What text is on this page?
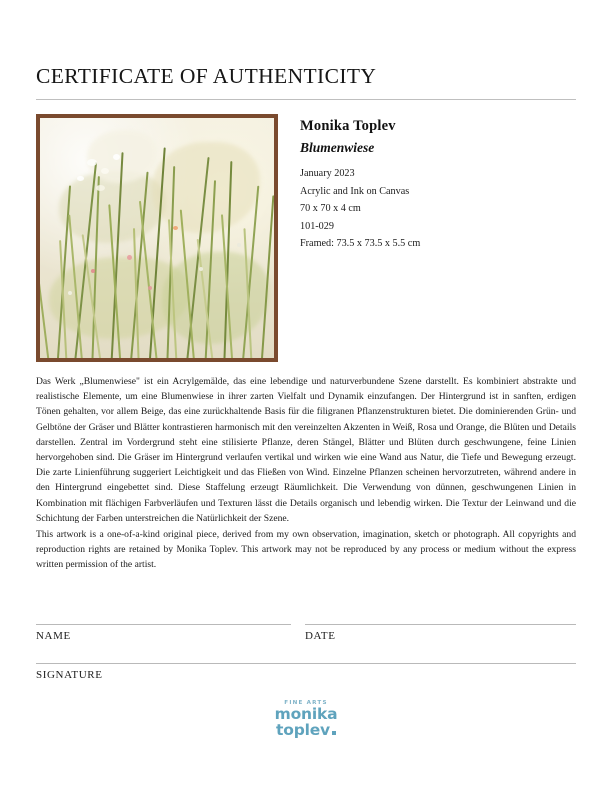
CERTIFICATE OF AUTHENTICITY
Monika Toplev
Blumenwiese
January 2023
Acrylic and Ink on Canvas
70 x 70 x 4 cm
101-029
Framed: 73.5 x 73.5 x 5.5 cm

Das Werk „Blumenwiese" ist ein Acrylgemälde, das eine lebendige und naturverbundene Szene darstellt. Es kombiniert abstrakte und realistische Elemente, um eine Blumenwiese in ihrer zarten Vielfalt und Dynamik einzufangen. Der Hintergrund ist in sanften, erdigen Tönen gehalten, vor allem Beige, das eine zurückhaltende Basis für die filigranen Pflanzenstrukturen bietet. Die dominierenden Grün- und Gelbtöne der Gräser und Blätter kontrastieren harmonisch mit den vereinzelten Akzenten in Weiß, Rosa und Orange, die Blüten und Details darstellen. Zentral im Vordergrund steht eine stilisierte Pflanze, deren Stängel, Blätter und Blüten durch geschwungene, feine Linien hervorgehoben sind. Die Gräser im Hintergrund verlaufen vertikal und wirken wie eine Wand aus Natur, die Tiefe und Bewegung erzeugt. Die zarte Linienführung suggeriert Leichtigkeit und das Fließen von Wind. Einzelne Pflanzen scheinen hervorzutreten, während andere in den Hintergrund eingebettet sind. Diese Staffelung erzeugt Räumlichkeit. Die Verwendung von dünnen, geschwungenen Linien in Kombination mit flächigen Farbverläufen und Texturen lässt die Details organisch und lebendig wirken. Die Textur der Leinwand und die Schichtung der Farben unterstreichen die Natürlichkeit der Szene.

This artwork is a one-of-a-kind original piece, derived from my own observation, imagination, sketch or photograph. All copyrights and reproduction rights are retained by Monika Toplev. This artwork may not be reproduced by any process or medium without the express written permission of the artist.

NAME	DATE
SIGNATURE
FINE ARTS
monika
toplev
